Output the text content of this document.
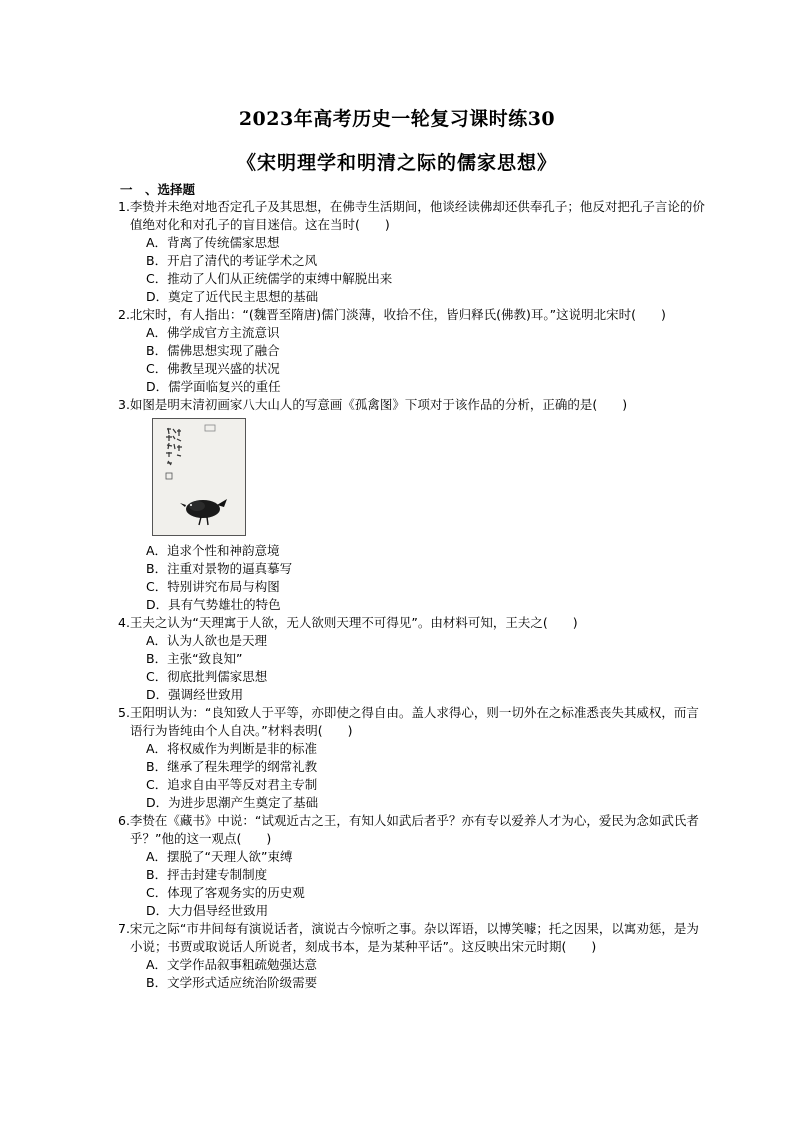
2023年高考历史一轮复习课时练30
《宋明理学和明清之际的儒家思想》
一　、选择题
1.李贽并未绝对地否定孔子及其思想，在佛寺生活期间，他谈经读佛却还供奉孔子；他反对把孔子言论的价值绝对化和对孔子的盲目迷信。这在当时(　　)
A．背离了传统儒家思想
B．开启了清代的考证学术之风
C．推动了人们从正统儒学的束缚中解脱出来
D．奠定了近代民主思想的基础
2.北宋时，有人指出：“(魏晋至隋唐)儒门淡薄，收拾不住，皆归释氏(佛教)耳。”这说明北宋时(　　)
A．佛学成官方主流意识
B．儒佛思想实现了融合
C．佛教呈现兴盛的状况
D．儒学面临复兴的重任
3.如图是明末清初画家八大山人的写意画《孤禽图》下项对于该作品的分析，正确的是(　　)
A．追求个性和神韵意境
B．注重对景物的逼真摹写
C．特别讲究布局与构图
D．具有气势雄壮的特色
4.王夫之认为“天理寓于人欲，无人欲则天理不可得见”。由材料可知，王夫之(　　)
A．认为人欲也是天理
B．主张“致良知”
C．彻底批判儒家思想
D．强调经世致用
5.王阳明认为：“良知致人于平等，亦即使之得自由。盖人求得心，则一切外在之标准悉丧失其威权，而言语行为皆纯由个人自决。”材料表明(　　)
A．将权威作为判断是非的标准
B．继承了程朱理学的纲常礼教
C．追求自由平等反对君主专制
D．为进步思潮产生奠定了基础
6.李贽在《藏书》中说：“试观近古之王，有知人如武后者乎？亦有专以爱养人才为心，爱民为念如武氏者乎？”他的这一观点(　　)
A．摆脱了“天理人欲”束缚
B．抨击封建专制制度
C．体现了客观务实的历史观
D．大力倡导经世致用
7.宋元之际“市井间每有演说话者，演说古今惊听之事。杂以诨语，以博笑噱；托之因果，以寓劝惩，是为小说；书贾或取说话人所说者，刻成书本，是为某种平话”。这反映出宋元时期(　　)
A．文学作品叙事粗疏勉强达意
B．文学形式适应统治阶级需要
